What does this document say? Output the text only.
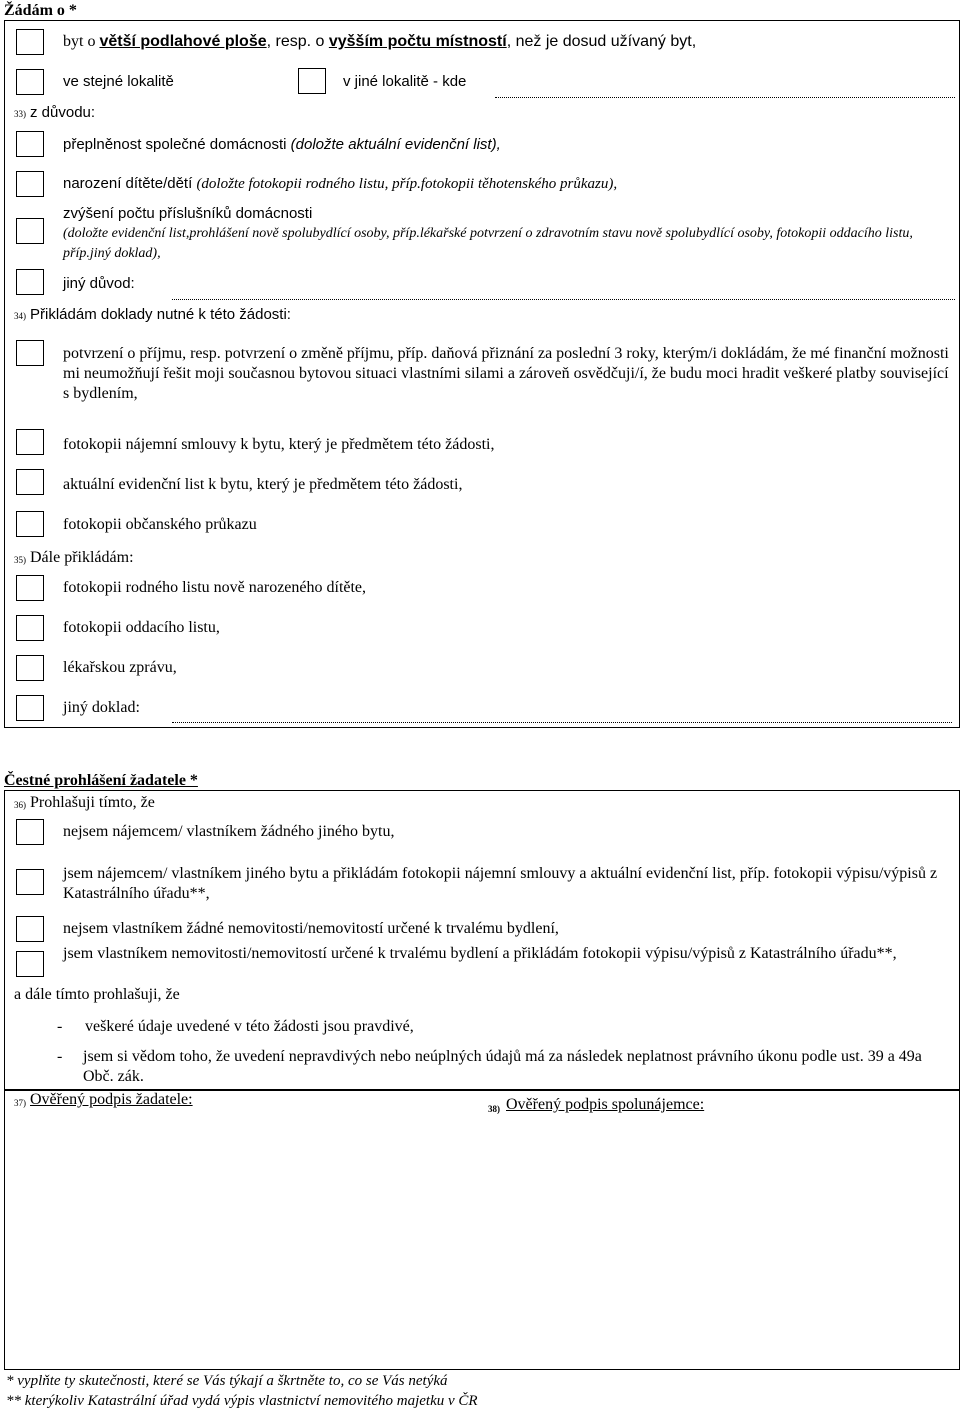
Žádám o *
byt o větší podlahové ploše, resp. o vyšším počtu místností, než je dosud užívaný byt,
ve stejné lokalitě	v jiné lokalitě - kde
33) z důvodu:
přeplněnost společné domácnosti (doložte aktuální evidenční list),
narození dítěte/dětí (doložte fotokopii rodného listu, příp.fotokopii těhotenského průkazu),
zvýšení počtu příslušníků domácnosti
(doložte evidenční list,prohlášení nově spolubydlící osoby, příp.lékařské potvrzení o zdravotním stavu nově spolubydlící osoby, fotokopii oddacího listu, příp.jiný doklad),
jiný důvod:
34) Přikládám doklady nutné k této žádosti:
potvrzení o příjmu, resp. potvrzení o změně příjmu, příp. daňová přiznání za poslední 3 roky, kterým/i dokládám, že mé finanční možnosti mi neumožňují řešit moji současnou bytovou situaci vlastními silami a zároveň osvědčuji/í, že budu moci hradit veškeré platby související s bydlením,
fotokopii nájemní smlouvy k bytu, který je předmětem této žádosti,
aktuální evidenční list k bytu, který je předmětem této žádosti,
fotokopii občanského průkazu
35) Dále přikládám:
fotokopii rodného listu nově narozeného dítěte,
fotokopii oddacího listu,
lékařskou zprávu,
jiný doklad:
Čestné prohlášení žadatele *
36) Prohlašuji tímto, že
nejsem nájemcem/ vlastníkem žádného jiného bytu,
jsem nájemcem/ vlastníkem jiného bytu a přikládám fotokopii nájemní smlouvy a aktuální evidenční list, příp. fotokopii výpisu/výpisů z Katastrálního úřadu**,
nejsem vlastníkem žádné nemovitosti/nemovitostí určené k trvalému bydlení,
jsem vlastníkem nemovitosti/nemovitostí určené k trvalému bydlení a přikládám fotokopii výpisu/výpisů z Katastrálního úřadu**,
a dále tímto prohlašuji, že
- veškeré údaje uvedené v této žádosti jsou pravdivé,
- jsem si vědom toho, že uvedení nepravdivých nebo neúplných údajů má za následek neplatnost právního úkonu podle ust. 39 a 49a Obč. zák.
37) Ověřený podpis žadatele:
38) Ověřený podpis spolunájemce:
* vyplňte ty skutečnosti, které se Vás týkají a škrtněte to, co se Vás netýká
** kterýkoliv Katastrální úřad vydá výpis vlastnictví nemovitého majetku v ČR
